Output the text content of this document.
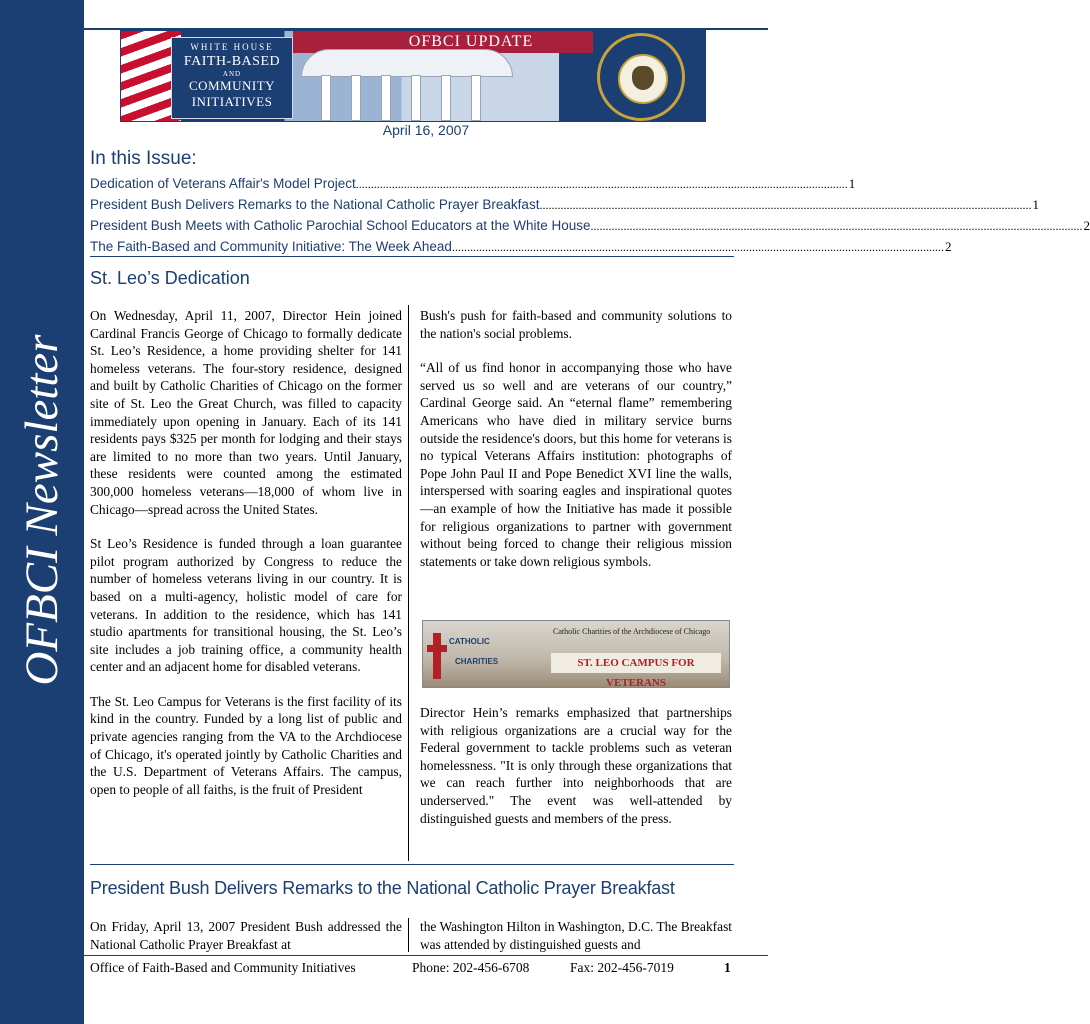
OFBCI Newsletter
WHITE HOUSE
FAITH-BASED
AND
COMMUNITY
INITIATIVES
OFBCI UPDATE
April 16, 2007
In this Issue:
Dedication of Veterans Affair's Model Project .................................................................................................................................................................... 1
President Bush Delivers Remarks to the National Catholic Prayer Breakfast .................................................................................................................................................................... 1
President Bush Meets with Catholic Parochial School Educators at the White House .................................................................................................................................................................... 2
The Faith-Based and Community Initiative: The Week Ahead .................................................................................................................................................................... 2
St. Leo’s Dedication

On Wednesday, April 11, 2007, Director Hein joined Cardinal Francis George of Chicago to formally dedicate St. Leo’s Residence, a home providing shelter for 141 homeless veterans. The four-story residence, designed and built by Catholic Charities of Chicago on the former site of St. Leo the Great Church, was filled to capacity immediately upon opening in January. Each of its 141 residents pays $325 per month for lodging and their stays are limited to no more than two years. Until January, these residents were counted among the estimated 300,000 homeless veterans—18,000 of whom live in Chicago—spread across the United States.

St Leo’s Residence is funded through a loan guarantee pilot program authorized by Congress to reduce the number of homeless veterans living in our country. It is based on a multi-agency, holistic model of care for veterans. In addition to the residence, which has 141 studio apartments for transitional housing, the St. Leo’s site includes a job training office, a community health center and an adjacent home for disabled veterans.

The St. Leo Campus for Veterans is the first facility of its kind in the country. Funded by a long list of public and private agencies ranging from the VA to the Archdiocese of Chicago, it's operated jointly by Catholic Charities and the U.S. Department of Veterans Affairs. The campus, open to people of all faiths, is the fruit of President

Bush's push for faith-based and community solutions to the nation's social problems.

“All of us find honor in accompanying those who have served us so well and are veterans of our country,” Cardinal George said. An “eternal flame” remembering Americans who have died in military service burns outside the residence's doors, but this home for veterans is no typical Veterans Affairs institution: photographs of Pope John Paul II and Pope Benedict XVI line the walls, interspersed with soaring eagles and inspirational quotes—an example of how the Initiative has made it possible for religious organizations to partner with government without being forced to change their religious mission statements or take down religious symbols.

CATHOLIC
CHARITIES
Catholic Charities of the Archdiocese of Chicago
ST. LEO CAMPUS FOR VETERANS

Director Hein’s remarks emphasized that partnerships with religious organizations are a crucial way for the Federal government to tackle problems such as veteran homelessness. "It is only through these organizations that we can reach further into neighborhoods that are underserved." The event was well-attended by distinguished guests and members of the press.

President Bush Delivers Remarks to the National Catholic Prayer Breakfast

On Friday, April 13, 2007 President Bush addressed the National Catholic Prayer Breakfast at

the Washington Hilton in Washington, D.C. The Breakfast was attended by distinguished guests and

Office of Faith-Based and Community Initiatives	Phone: 202-456-6708	Fax: 202-456-7019	1
